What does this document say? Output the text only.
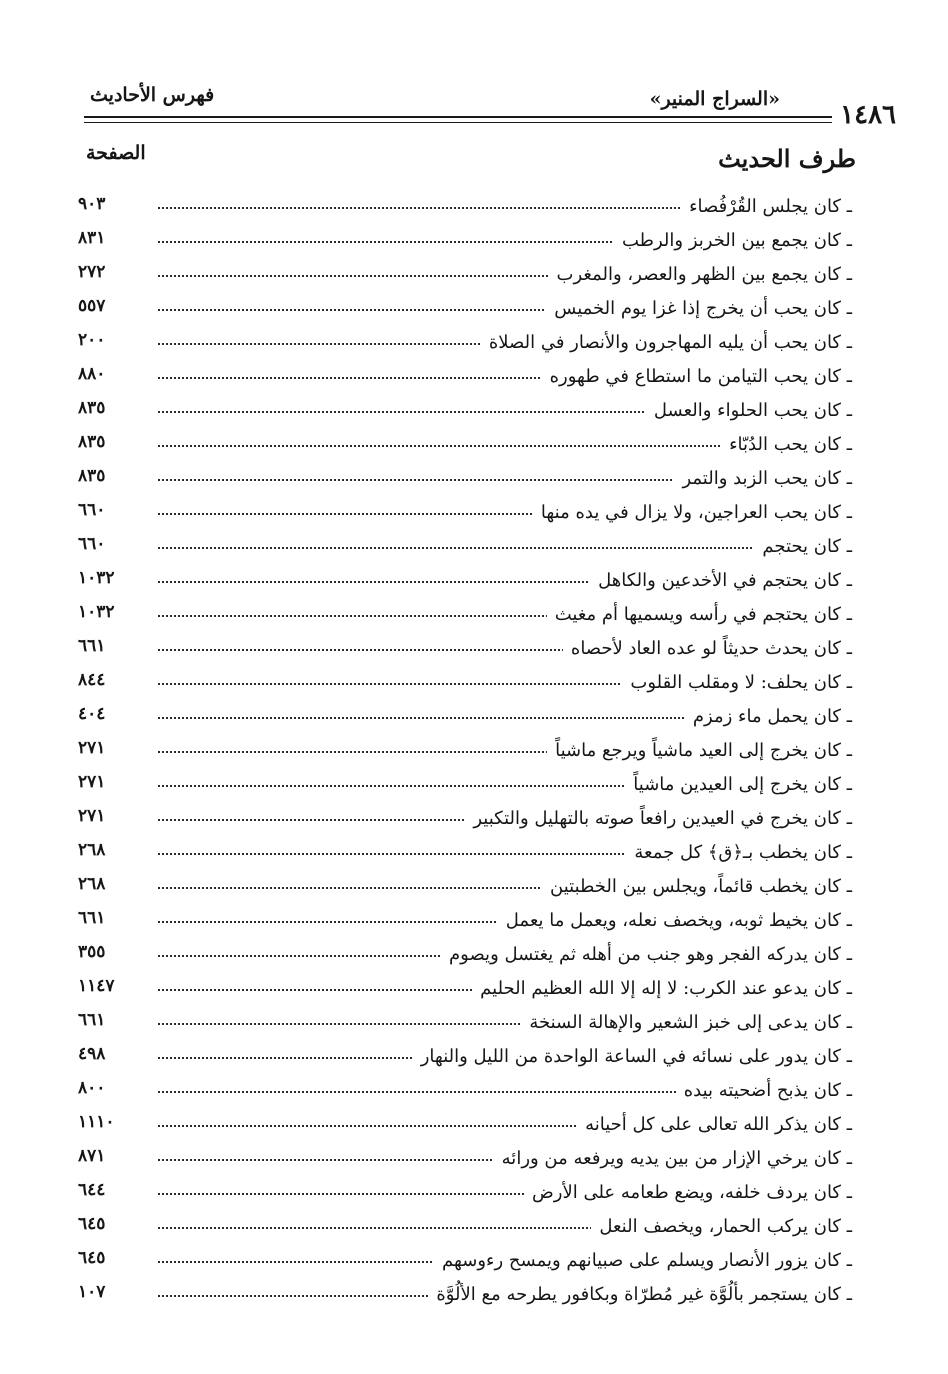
١٤٨٦
«السراج المنير»
فهرس الأحاديث
طرف الحديث
الصفحة
ـ كان يجلس القُرْفُصاء
٩٠٣
ـ كان يجمع بين الخربز والرطب
٨٣١
ـ كان يجمع بين الظهر والعصر، والمغرب
٢٧٢
ـ كان يحب أن يخرج إذا غزا يوم الخميس
٥٥٧
ـ كان يحب أن يليه المهاجرون والأنصار في الصلاة
٢٠٠
ـ كان يحب التيامن ما استطاع في طهوره
٨٨٠
ـ كان يحب الحلواء والعسل
٨٣٥
ـ كان يحب الدُبّاء
٨٣٥
ـ كان يحب الزبد والتمر
٨٣٥
ـ كان يحب العراجين، ولا يزال في يده منها
٦٦٠
ـ كان يحتجم
٦٦٠
ـ كان يحتجم في الأخدعين والكاهل
١٠٣٢
ـ كان يحتجم في رأسه ويسميها أم مغيث
١٠٣٢
ـ كان يحدث حديثاً لو عده العاد لأحصاه
٦٦١
ـ كان يحلف: لا ومقلب القلوب
٨٤٤
ـ كان يحمل ماء زمزم
٤٠٤
ـ كان يخرج إلى العيد ماشياً ويرجع ماشياً
٢٧١
ـ كان يخرج إلى العيدين ماشياً
٢٧١
ـ كان يخرج في العيدين رافعاً صوته بالتهليل والتكبير
٢٧١
ـ كان يخطب بـ﴿ق﴾ كل جمعة
٢٦٨
ـ كان يخطب قائماً، ويجلس بين الخطبتين
٢٦٨
ـ كان يخيط ثوبه، ويخصف نعله، ويعمل ما يعمل
٦٦١
ـ كان يدركه الفجر وهو جنب من أهله ثم يغتسل ويصوم
٣٥٥
ـ كان يدعو عند الكرب: لا إله إلا الله العظيم الحليم
١١٤٧
ـ كان يدعى إلى خبز الشعير والإهالة السنخة
٦٦١
ـ كان يدور على نسائه في الساعة الواحدة من الليل والنهار
٤٩٨
ـ كان يذبح أضحيته بيده
٨٠٠
ـ كان يذكر الله تعالى على كل أحيانه
١١١٠
ـ كان يرخي الإزار من بين يديه ويرفعه من ورائه
٨٧١
ـ كان يردف خلفه، ويضع طعامه على الأرض
٦٤٤
ـ كان يركب الحمار، ويخصف النعل
٦٤٥
ـ كان يزور الأنصار ويسلم على صبيانهم ويمسح رءوسهم
٦٤٥
ـ كان يستجمر بألُوَّة غير مُطرّاة وبكافور يطرحه مع الألُوَّة
١٠٧
